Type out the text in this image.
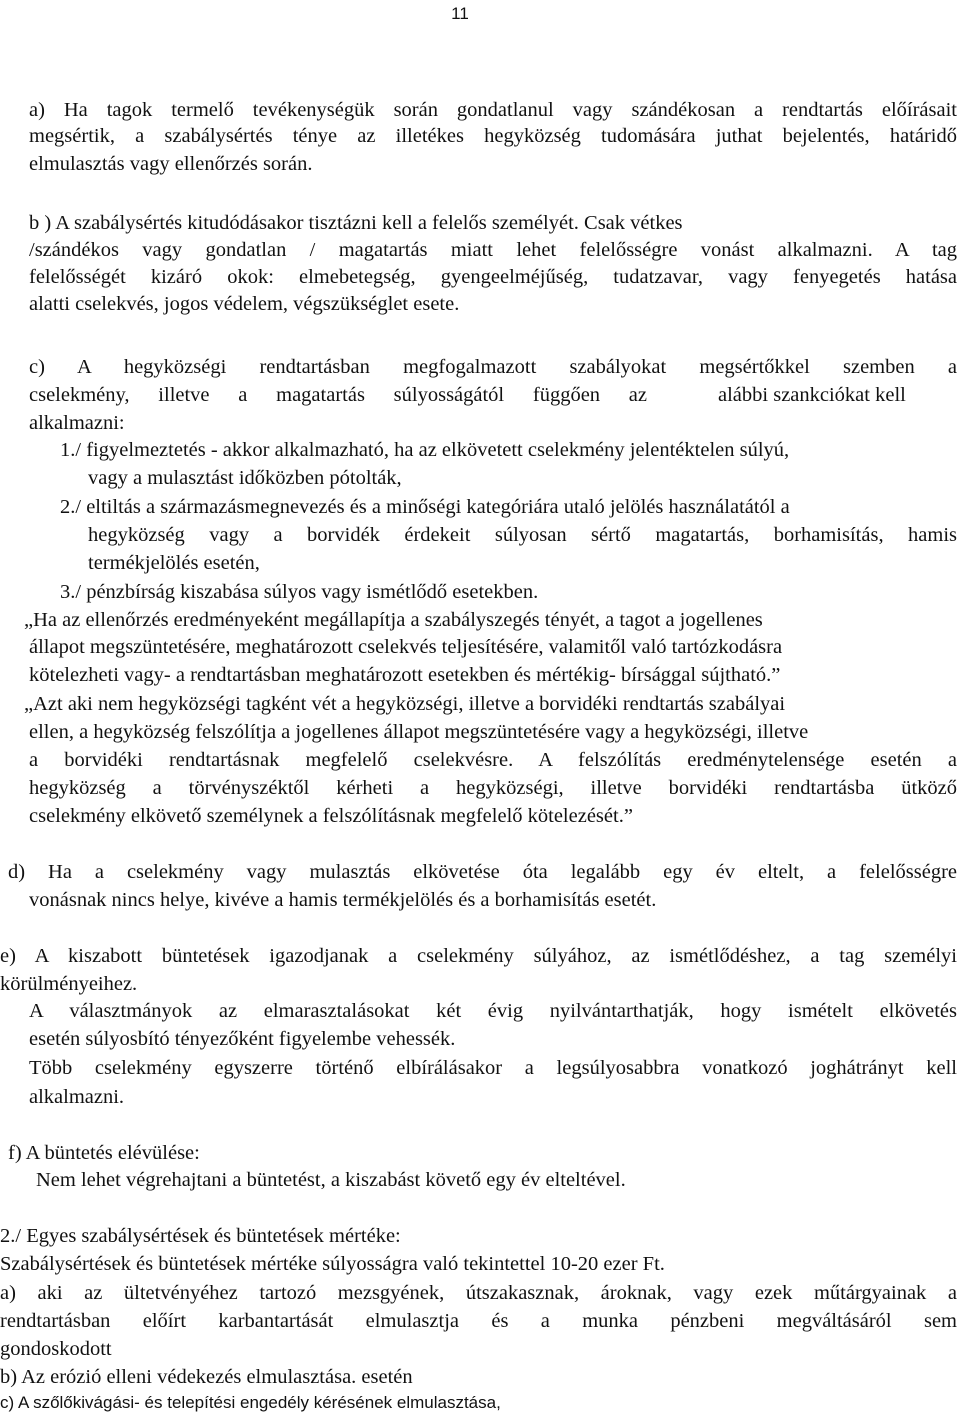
11
a) Ha tagok termelő tevékenységük során gondatlanul vagy szándékosan a rendtartás előírásait
megsértik, a szabálysértés ténye az illetékes hegyközség tudomására juthat bejelentés, határidő
elmulasztás vagy ellenőrzés során.
b ) A szabálysértés kitudódásakor tisztázni kell a felelős személyét. Csak vétkes
/szándékos vagy gondatlan / magatartás miatt lehet felelősségre vonást alkalmazni. A tag
felelősségét kizáró okok: elmebetegség, gyengeelméjűség, tudatzavar, vagy fenyegetés hatása
alatti cselekvés, jogos védelem, végszükséglet esete.
c) A hegyközségi rendtartásban megfogalmazott szabályokat megsértőkkel szemben a
cselekmény, illetve a magatartás súlyosságától függően az	alábbi szankciókat kell
alkalmazni:
1./ figyelmeztetés - akkor alkalmazható, ha az elkövetett cselekmény jelentéktelen súlyú,
vagy a mulasztást időközben pótolták,
2./ eltiltás a származásmegnevezés és a minőségi kategóriára utaló jelölés használatától a
hegyközség vagy a borvidék érdekeit súlyosan sértő magatartás, borhamisítás, hamis
termékjelölés esetén,
3./ pénzbírság kiszabása súlyos vagy ismétlődő esetekben.
„Ha az ellenőrzés eredményeként megállapítja a szabályszegés tényét, a tagot a jogellenes
állapot megszüntetésére, meghatározott cselekvés teljesítésére, valamitől való tartózkodásra
kötelezheti vagy- a rendtartásban meghatározott esetekben és mértékig- bírsággal sújtható.”
„Azt aki nem hegyközségi tagként vét a hegyközségi, illetve a borvidéki rendtartás szabályai
ellen, a hegyközség felszólítja a jogellenes állapot megszüntetésére vagy a hegyközségi, illetve
a borvidéki rendtartásnak megfelelő cselekvésre. A felszólítás eredménytelensége esetén a
hegyközség a törvényszéktől kérheti a hegyközségi, illetve borvidéki rendtartásba ütköző
cselekmény elkövető személynek a felszólításnak megfelelő kötelezését.”
d) Ha a cselekmény vagy mulasztás elkövetése óta legalább egy év eltelt, a felelősségre
vonásnak nincs helye, kivéve a hamis termékjelölés és a borhamisítás esetét.
e) A kiszabott büntetések igazodjanak a cselekmény súlyához, az ismétlődéshez, a tag személyi
körülményeihez.
A választmányok az elmarasztalásokat két évig nyilvántarthatják, hogy ismételt elkövetés
esetén súlyosbító tényezőként figyelembe vehessék.
Több cselekmény egyszerre történő elbírálásakor a legsúlyosabbra vonatkozó joghátrányt kell
alkalmazni.
f) A büntetés elévülése:
Nem lehet végrehajtani a büntetést, a kiszabást követő egy év elteltével.
2./ Egyes szabálysértések és büntetések mértéke:
Szabálysértések és büntetések mértéke súlyosságra való tekintettel 10-20 ezer Ft.
a) aki az ültetvényéhez tartozó mezsgyének, útszakasznak, ároknak, vagy ezek műtárgyainak a
rendtartásban előírt karbantartását elmulasztja és a munka pénzbeni megváltásáról sem
gondoskodott
b) Az erózió elleni védekezés elmulasztása. esetén
c) A szőlőkivágási- és telepítési engedély kérésének elmulasztása,
